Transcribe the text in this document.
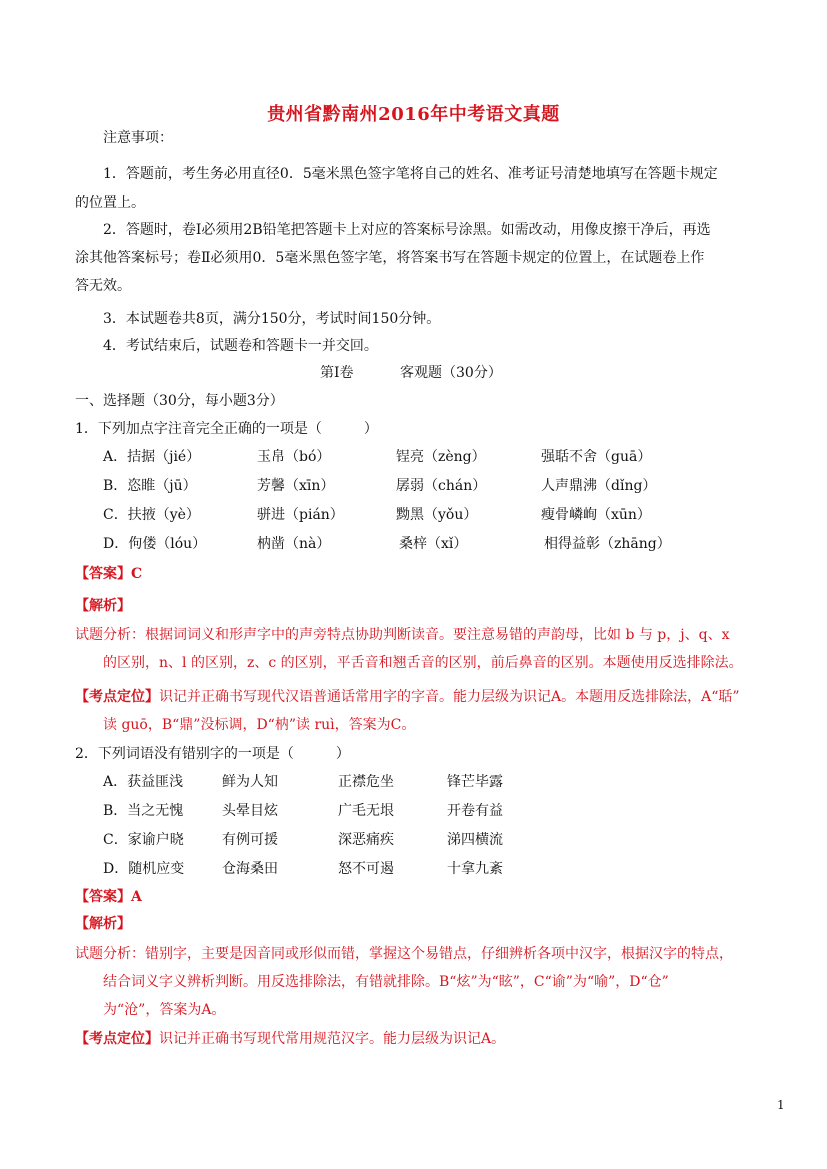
贵州省黔南州2016年中考语文真题
注意事项：
1．答题前，考生务必用直径0．5毫米黑色签字笔将自己的姓名、准考证号清楚地填写在答题卡规定
的位置上。
2．答题时，卷Ⅰ必须用2B铅笔把答题卡上对应的答案标号涂黑。如需改动，用像皮擦干净后，再选
涂其他答案标号；卷Ⅱ必须用0．5毫米黑色签字笔，将答案书写在答题卡规定的位置上，在试题卷上作
答无效。
3．本试题卷共8页，满分150分，考试时间150分钟。
4．考试结束后，试题卷和答题卡一并交回。
第Ⅰ卷	客观题（30分）
一、选择题（30分，每小题3分）
1．下列加点字注音完全正确的一项是（　　　）
A．拮据（jié）	玉帛（bó）	锃亮（zèng）	强聒不舍（guā）
B．恣睢（jū）	芳馨（xīn）	孱弱（chán）	人声鼎沸（dǐng）
C．扶掖（yè）	骈进（pián）	黝黑（yǒu）	瘦骨嶙峋（xūn）
D．佝偻（lóu）	　枘凿（nà）	桑梓（xǐ）	相得益彰（zhāng）
【答案】C
【解析】
试题分析：根据词词义和形声字中的声旁特点协助判断读音。要注意易错的声韵母，比如 b 与 p，j、q、x
的区别，n、l 的区别，z、c 的区别，平舌音和翘舌音的区别，前后鼻音的区别。本题使用反选排除法。
【考点定位】识记并正确书写现代汉语普通话常用字的字音。能力层级为识记A。本题用反选排除法，A“聒”
读 guō，B“鼎”没标调，D“枘”读 ruì，答案为C。
2．下列词语没有错别字的一项是（　　　）
A．获益匪浅	鲜为人知	正襟危坐	锋芒毕露
B．当之无愧	头晕目炫	广毛无垠	开卷有益
C．家谕户晓	有例可援	深恶痛疾	涕四横流
D．随机应变	仓海桑田	怒不可遏	十拿九紊
【答案】A
【解析】
试题分析：错别字，主要是因音同或形似而错，掌握这个易错点，仔细辨析各项中汉字，根据汉字的特点，
结合词义字义辨析判断。用反选排除法，有错就排除。B“炫”为“眩”，C“谕”为“喻”，D“仓”
为“沧”，答案为A。
【考点定位】识记并正确书写现代常用规范汉字。能力层级为识记A。
1
